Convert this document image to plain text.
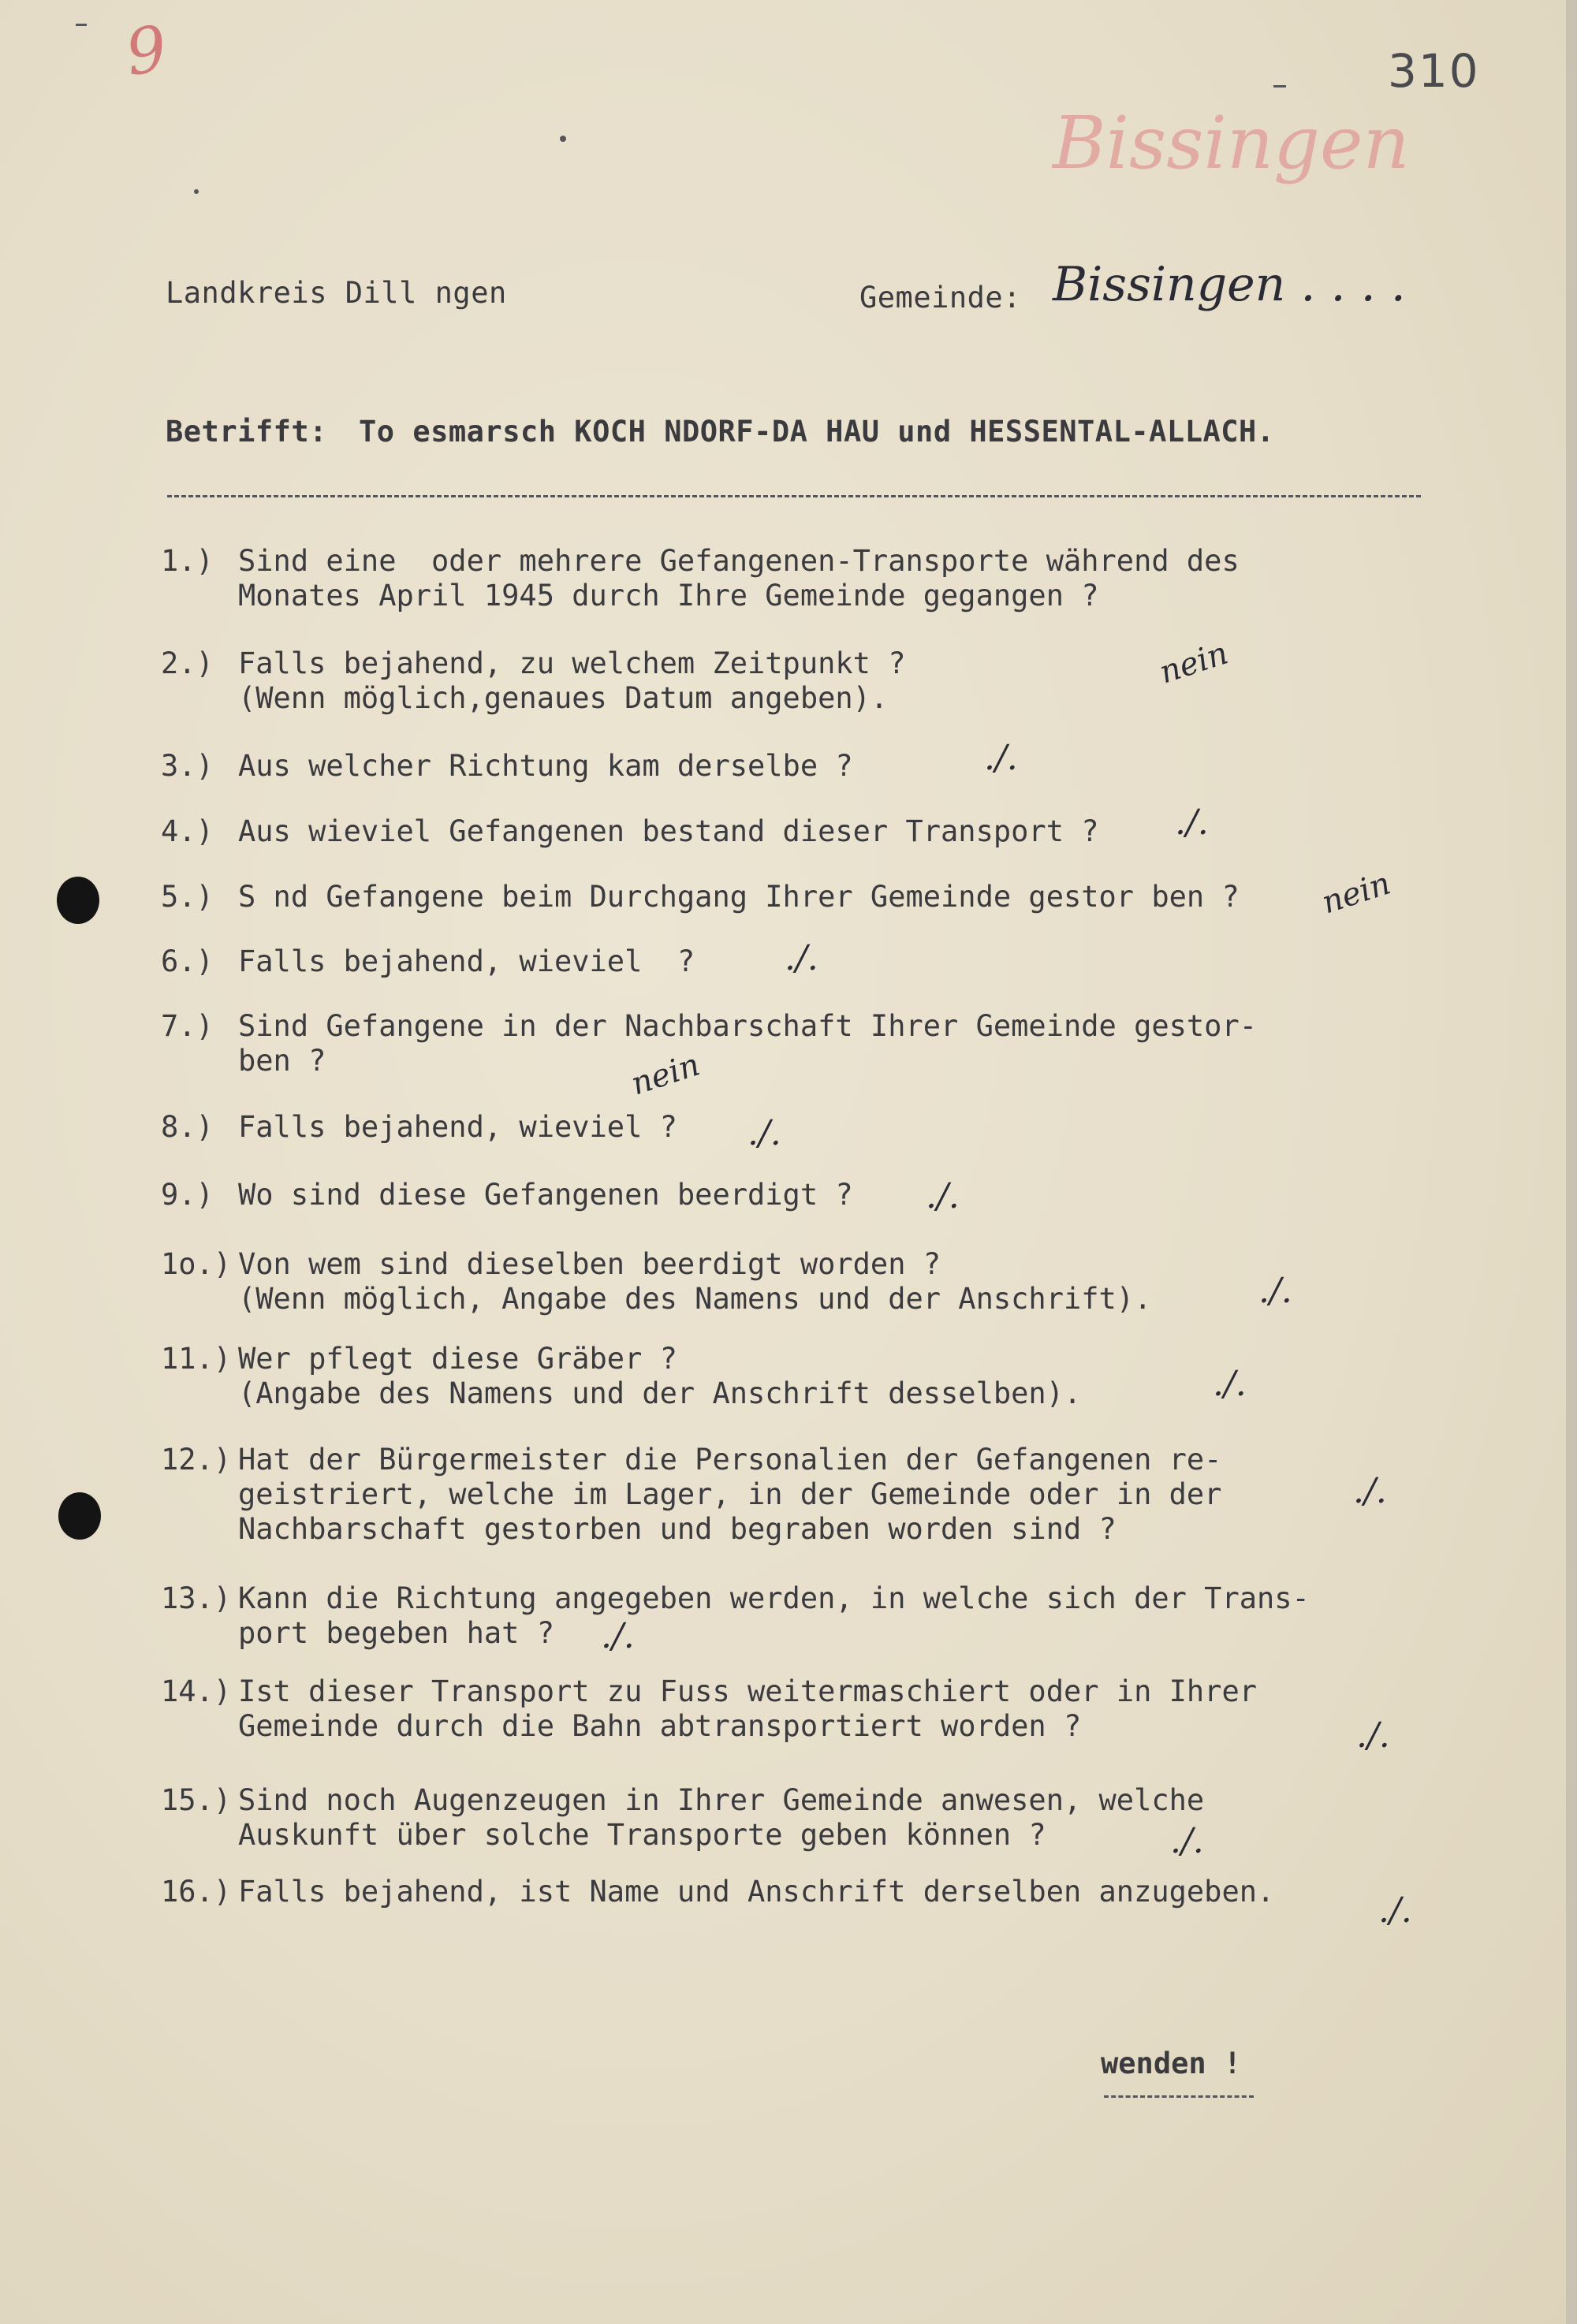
9	310
Bissingen
Landkreis Dill ngen	Gemeinde: Bissingen . . . .
Betrifft: To esmarsch KOCH NDORF-DA HAU und HESSENTAL-ALLACH.
1.) Sind eine  oder mehrere Gefangenen-Transporte während des
Monates April 1945 durch Ihre Gemeinde gegangen ?
2.) Falls bejahend, zu welchem Zeitpunkt ?
(Wenn möglich,genaues Datum angeben).
nein
3.) Aus welcher Richtung kam derselbe ?	./.
4.) Aus wieviel Gefangenen bestand dieser Transport ? ./.
5.) S nd Gefangene beim Durchgang Ihrer Gemeinde gestor ben ? nein
6.) Falls bejahend, wieviel  ?	./.
7.) Sind Gefangene in der Nachbarschaft Ihrer Gemeinde gestor-
ben ?	nein
8.) Falls bejahend, wieviel ? ./.
9.) Wo sind diese Gefangenen beerdigt ? ./.
1o.) Von wem sind dieselben beerdigt worden ?
(Wenn möglich, Angabe des Namens und der Anschrift).	./.
11.) Wer pflegt diese Gräber ?
(Angabe des Namens und der Anschrift desselben).	./.
12.) Hat der Bürgermeister die Personalien der Gefangenen re-
geistriert, welche im Lager, in der Gemeinde oder in der
Nachbarschaft gestorben und begraben worden sind ?
./.
13.) Kann die Richtung angegeben werden, in welche sich der Trans-
port begeben hat ?	./.
14.) Ist dieser Transport zu Fuss weitermaschiert oder in Ihrer
Gemeinde durch die Bahn abtransportiert worden ?	./.
15.) Sind noch Augenzeugen in Ihrer Gemeinde anwesen, welche
Auskunft über solche Transporte geben können ?	./.
16.) Falls bejahend, ist Name und Anschrift derselben anzugeben.	./.
wenden !
